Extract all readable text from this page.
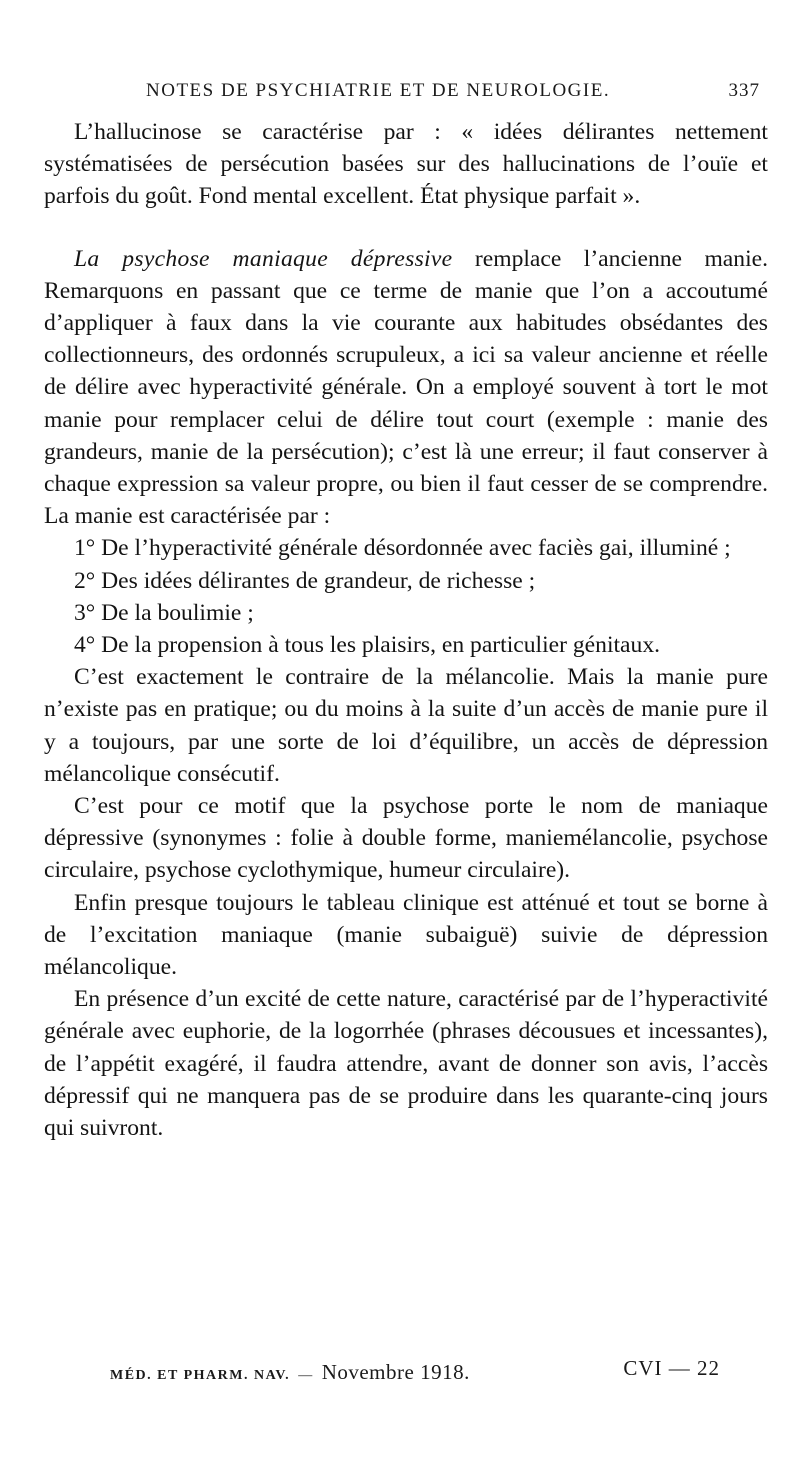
NOTES DE PSYCHIATRIE ET DE NEUROLOGIE.	337

L’hallucinose se caractérise par : « idées délirantes nettement systématisées de persécution basées sur des hallucinations de l’ouïe et parfois du goût. Fond mental excellent. État physique parfait ».

La psychose maniaque dépressive remplace l’ancienne manie. Remarquons en passant que ce terme de manie que l’on a accoutumé d’appliquer à faux dans la vie courante aux habitudes obsédantes des collectionneurs, des ordonnés scrupuleux, a ici sa valeur ancienne et réelle de délire avec hyperactivité générale. On a employé souvent à tort le mot manie pour remplacer celui de délire tout court (exemple : manie des grandeurs, manie de la persécution); c’est là une erreur; il faut conserver à chaque expression sa valeur propre, ou bien il faut cesser de se comprendre. La manie est caractérisée par :

1° De l’hyperactivité générale désordonnée avec faciès gai, illuminé ;

2° Des idées délirantes de grandeur, de richesse ;

3° De la boulimie ;

4° De la propension à tous les plaisirs, en particulier génitaux.

C’est exactement le contraire de la mélancolie. Mais la manie pure n’existe pas en pratique; ou du moins à la suite d’un accès de manie pure il y a toujours, par une sorte de loi d’équilibre, un accès de dépression mélancolique consécutif.

C’est pour ce motif que la psychose porte le nom de maniaque dépressive (synonymes : folie à double forme, maniemélancolie, psychose circulaire, psychose cyclothymique, humeur circulaire).

Enfin presque toujours le tableau clinique est atténué et tout se borne à de l’excitation maniaque (manie subaiguë) suivie de dépression mélancolique.

En présence d’un excité de cette nature, caractérisé par de l’hyperactivité générale avec euphorie, de la logorrhée (phrases décousues et incessantes), de l’appétit exagéré, il faudra attendre, avant de donner son avis, l’accès dépressif qui ne manquera pas de se produire dans les quarante-cinq jours qui suivront.

MÉD. ET PHARM. NAV. — Novembre 1918.	CVI — 22
